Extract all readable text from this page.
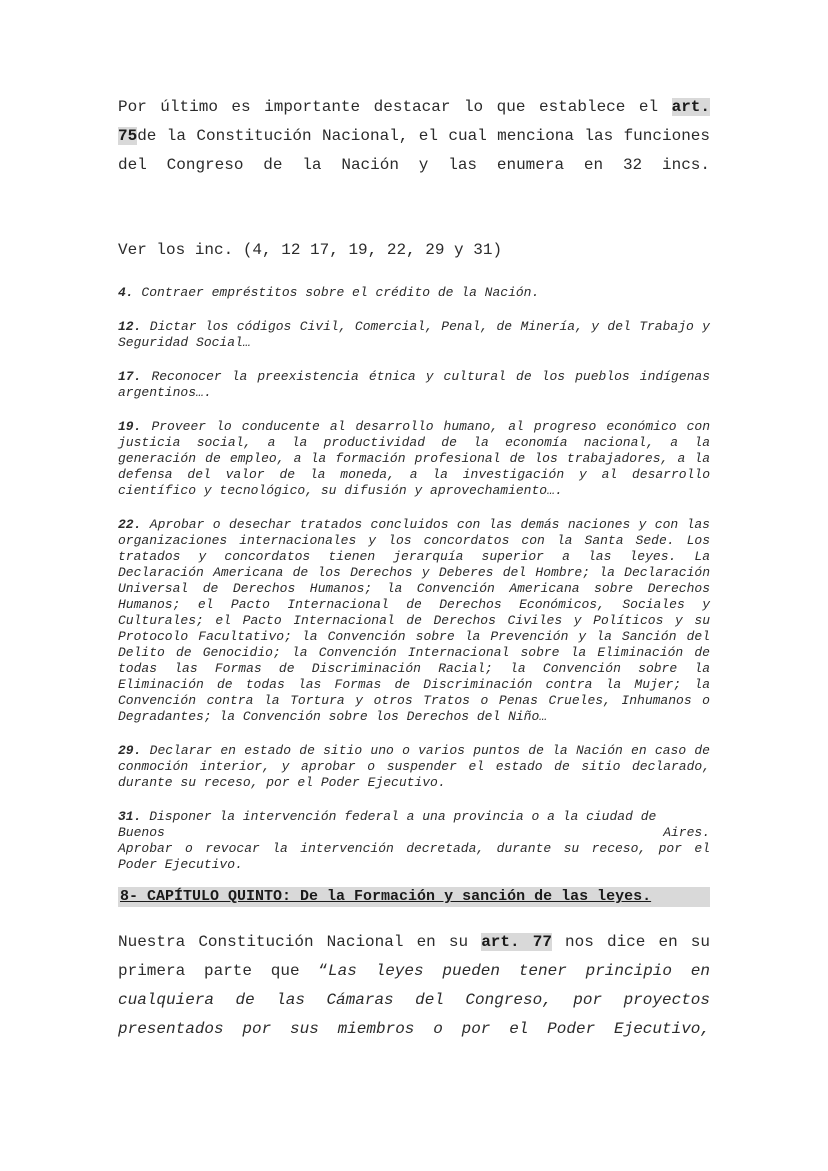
Por último es importante destacar lo que establece el art. 75de la Constitución Nacional, el cual menciona las funciones del Congreso de la Nación y las enumera en 32 incs.

Ver los inc. (4, 12 17, 19, 22, 29 y 31)

4. Contraer empréstitos sobre el crédito de la Nación.

12. Dictar los códigos Civil, Comercial, Penal, de Minería, y del Trabajo y Seguridad Social…

17. Reconocer la preexistencia étnica y cultural de los pueblos indígenas argentinos….

19. Proveer lo conducente al desarrollo humano, al progreso económico con justicia social, a la productividad de la economía nacional, a la generación de empleo, a la formación profesional de los trabajadores, a la defensa del valor de la moneda, a la investigación y al desarrollo científico y tecnológico, su difusión y aprovechamiento….

22. Aprobar o desechar tratados concluidos con las demás naciones y con las organizaciones internacionales y los concordatos con la Santa Sede. Los tratados y concordatos tienen jerarquía superior a las leyes. La Declaración Americana de los Derechos y Deberes del Hombre; la Declaración Universal de Derechos Humanos; la Convención Americana sobre Derechos Humanos; el Pacto Internacional de Derechos Económicos, Sociales y Culturales; el Pacto Internacional de Derechos Civiles y Políticos y su Protocolo Facultativo; la Convención sobre la Prevención y la Sanción del Delito de Genocidio; la Convención Internacional sobre la Eliminación de todas las Formas de Discriminación Racial; la Convención sobre la Eliminación de todas las Formas de Discriminación contra la Mujer; la Convención contra la Tortura y otros Tratos o Penas Crueles, Inhumanos o Degradantes; la Convención sobre los Derechos del Niño…

29. Declarar en estado de sitio uno o varios puntos de la Nación en caso de conmoción interior, y aprobar o suspender el estado de sitio declarado, durante su receso, por el Poder Ejecutivo.

31. Disponer la intervención federal a una provincia o a la ciudad de
Buenos	Aires.
Aprobar o revocar la intervención decretada, durante su receso, por el Poder Ejecutivo.
8- CAPÍTULO QUINTO: De la Formación y sanción de las leyes.

Nuestra Constitución Nacional en su art. 77 nos dice en su primera parte que “Las leyes pueden tener principio en cualquiera de las Cámaras del Congreso, por proyectos presentados por sus miembros o por el Poder Ejecutivo,
